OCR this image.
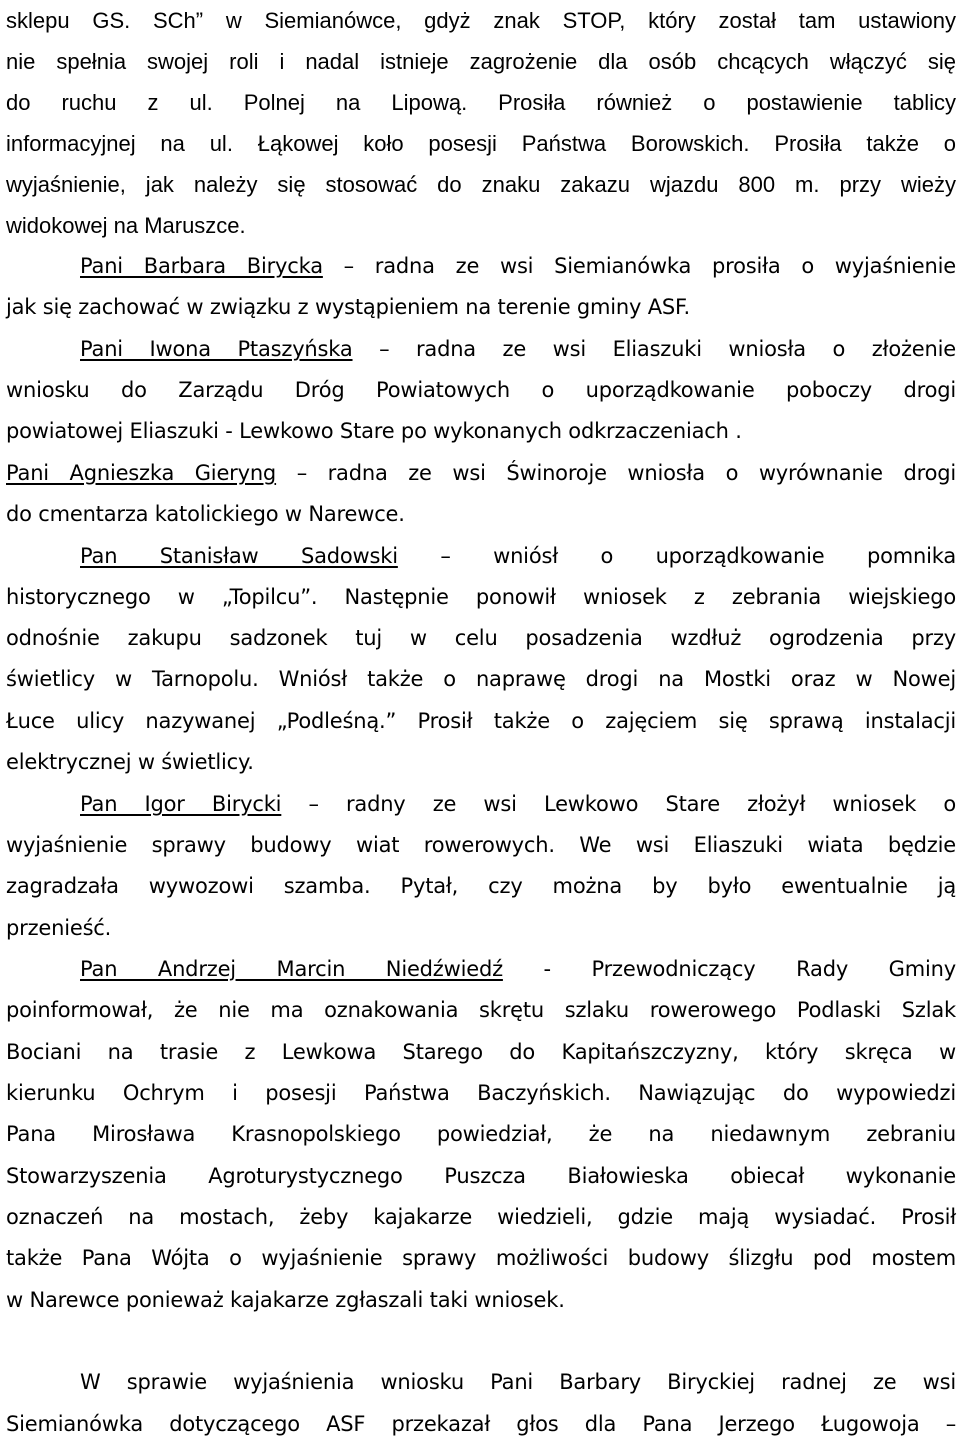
sklepu GS. SCh” w Siemianówce, gdyż znak STOP, który został tam ustawiony
nie spełnia swojej roli i nadal istnieje zagrożenie dla osób chcących włączyć się
do ruchu z ul. Polnej na Lipową. Prosiła również o postawienie tablicy
informacyjnej na ul. Łąkowej koło posesji Państwa Borowskich. Prosiła także o
wyjaśnienie, jak należy się stosować do znaku zakazu wjazdu 800 m. przy wieży
widokowej na Maruszce.
Pani Barbara Birycka – radna ze wsi Siemianówka prosiła o wyjaśnienie
jak się zachować w związku z wystąpieniem na terenie gminy ASF.
Pani Iwona Ptaszyńska – radna ze wsi Eliaszuki wniosła o złożenie
wniosku do Zarządu Dróg Powiatowych o uporządkowanie poboczy drogi
powiatowej Eliaszuki - Lewkowo Stare po wykonanych odkrzaczeniach .
Pani Agnieszka Gieryng – radna ze wsi Świnoroje wniosła o wyrównanie drogi
do cmentarza katolickiego w Narewce.
Pan Stanisław Sadowski – wniósł o uporządkowanie pomnika
historycznego w „Topilcu”. Następnie ponowił wniosek z zebrania wiejskiego
odnośnie zakupu sadzonek tuj w celu posadzenia wzdłuż ogrodzenia przy
świetlicy w Tarnopolu. Wniósł także o naprawę drogi na Mostki oraz w Nowej
Łuce ulicy nazywanej „Podleśną.” Prosił także o zajęciem się sprawą instalacji
elektrycznej w świetlicy.
Pan Igor Birycki – radny ze wsi Lewkowo Stare złożył wniosek o
wyjaśnienie sprawy budowy wiat rowerowych. We wsi Eliaszuki wiata będzie
zagradzała wywozowi szamba. Pytał, czy można by było ewentualnie ją
przenieść.
Pan Andrzej Marcin Niedźwiedź - Przewodniczący Rady Gminy
poinformował, że nie ma oznakowania skrętu szlaku rowerowego Podlaski Szlak
Bociani na trasie z Lewkowa Starego do Kapitańszczyzny, który skręca w
kierunku Ochrym i posesji Państwa Baczyńskich. Nawiązując do wypowiedzi
Pana Mirosława Krasnopolskiego powiedział, że na niedawnym zebraniu
Stowarzyszenia Agroturystycznego Puszcza Białowieska obiecał wykonanie
oznaczeń na mostach, żeby kajakarze wiedzieli, gdzie mają wysiadać. Prosił
także Pana Wójta o wyjaśnienie sprawy możliwości budowy ślizgłu pod mostem
w Narewce ponieważ kajakarze zgłaszali taki wniosek.
W sprawie wyjaśnienia wniosku Pani Barbary Biryckiej radnej ze wsi
Siemianówka dotyczącego ASF przekazał głos dla Pana Jerzego Ługowoja –
